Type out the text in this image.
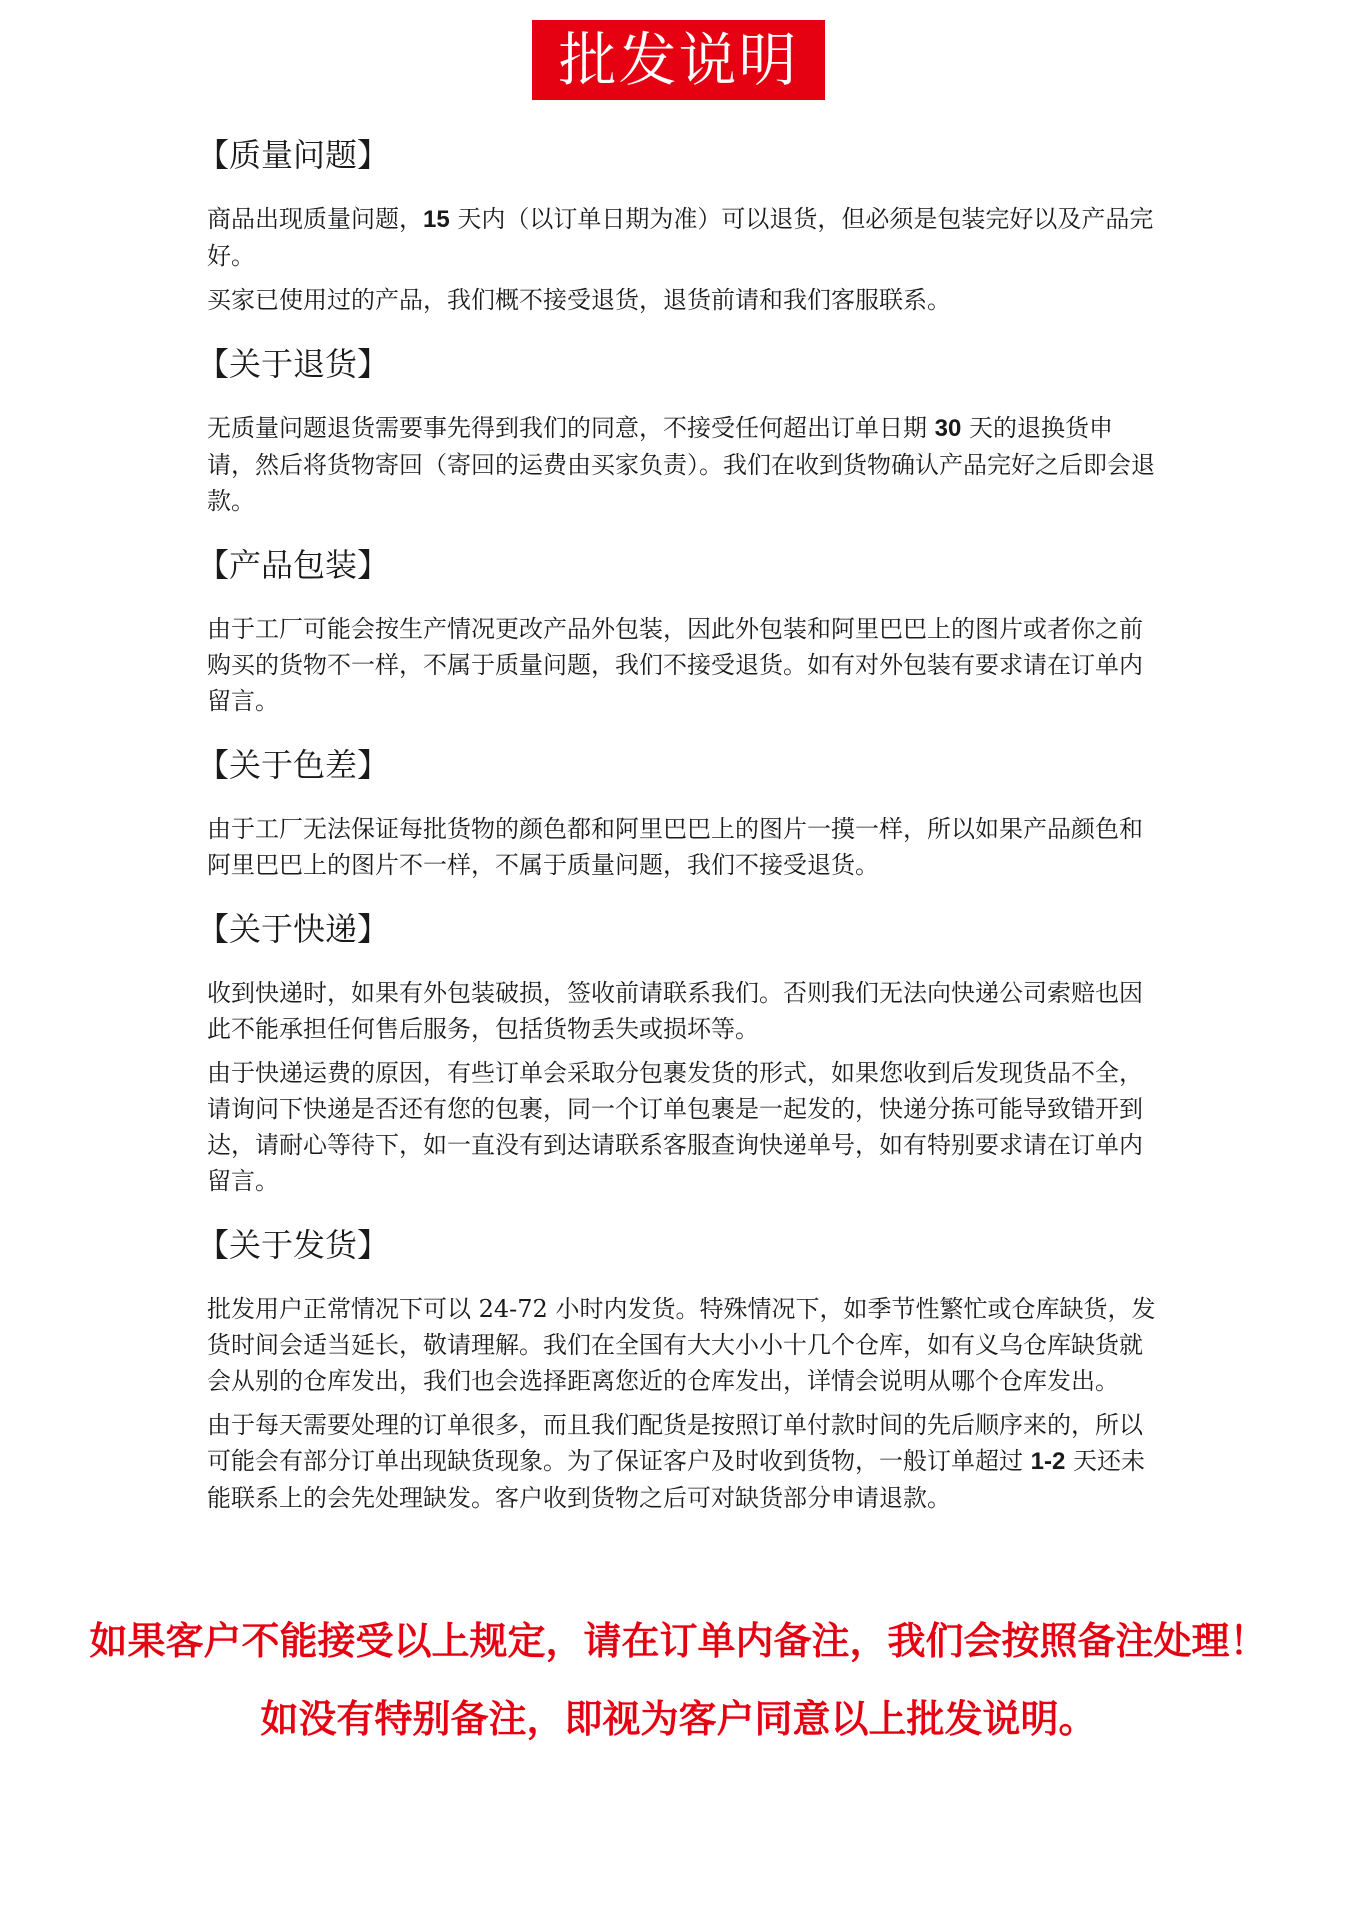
批发说明
【质量问题】

商品出现质量问题，15 天内（以订单日期为准）可以退货，但必须是包装完好以及产品完好。

买家已使用过的产品，我们概不接受退货，退货前请和我们客服联系。

【关于退货】

无质量问题退货需要事先得到我们的同意，不接受任何超出订单日期 30 天的退换货申请，然后将货物寄回（寄回的运费由买家负责）。我们在收到货物确认产品完好之后即会退款。

【产品包装】

由于工厂可能会按生产情况更改产品外包装，因此外包装和阿里巴巴上的图片或者你之前购买的货物不一样，不属于质量问题，我们不接受退货。如有对外包装有要求请在订单内留言。

【关于色差】

由于工厂无法保证每批货物的颜色都和阿里巴巴上的图片一摸一样，所以如果产品颜色和阿里巴巴上的图片不一样，不属于质量问题，我们不接受退货。

【关于快递】

收到快递时，如果有外包装破损，签收前请联系我们。否则我们无法向快递公司索赔也因此不能承担任何售后服务，包括货物丢失或损坏等。

由于快递运费的原因，有些订单会采取分包裹发货的形式，如果您收到后发现货品不全，请询问下快递是否还有您的包裹，同一个订单包裹是一起发的，快递分拣可能导致错开到达，请耐心等待下，如一直没有到达请联系客服查询快递单号，如有特别要求请在订单内留言。

【关于发货】

批发用户正常情况下可以 24-72 小时内发货。特殊情况下，如季节性繁忙或仓库缺货，发货时间会适当延长，敬请理解。我们在全国有大大小小十几个仓库，如有义乌仓库缺货就会从别的仓库发出，我们也会选择距离您近的仓库发出，详情会说明从哪个仓库发出。

由于每天需要处理的订单很多，而且我们配货是按照订单付款时间的先后顺序来的，所以可能会有部分订单出现缺货现象。为了保证客户及时收到货物，一般订单超过 1-2 天还未能联系上的会先处理缺发。客户收到货物之后可对缺货部分申请退款。

如果客户不能接受以上规定，请在订单内备注，我们会按照备注处理！
如没有特别备注，即视为客户同意以上批发说明。
